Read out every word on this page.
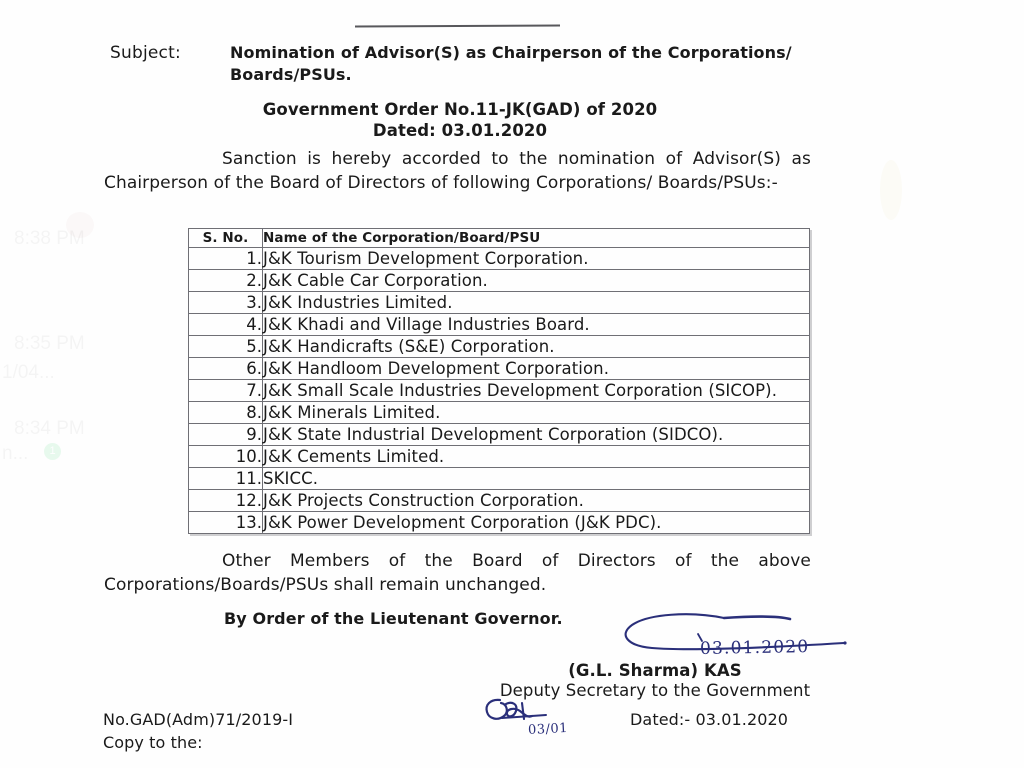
1
Subject:	Nomination of Advisor(S) as Chairperson of the Corporations/ Boards/PSUs.
Government Order No.11-JK(GAD) of 2020
Dated: 03.01.2020
Sanction is hereby accorded to the nomination of Advisor(S) as Chairperson of the Board of Directors of following Corporations/ Boards/PSUs:-
S. No.	Name of the Corporation/Board/PSU
1.	J&K Tourism Development Corporation.
2.	J&K Cable Car Corporation.
3.	J&K Industries Limited.
4.	J&K Khadi and Village Industries Board.
5.	J&K Handicrafts (S&E) Corporation.
6.	J&K Handloom Development Corporation.
7.	J&K Small Scale Industries Development Corporation (SICOP).
8.	J&K Minerals Limited.
9.	J&K State Industrial Development Corporation (SIDCO).
10.	J&K Cements Limited.
11.	SKICC.
12.	J&K Projects Construction Corporation.
13.	J&K Power Development Corporation (J&K PDC).
Other Members of the Board of Directors of the above Corporations/Boards/PSUs shall remain unchanged.
By Order of the Lieutenant Governor.
03.01.2020
(G.L. Sharma) KAS
Deputy Secretary to the Government
03/01
No.GAD(Adm)71/2019-I
Copy to the:
Dated:- 03.01.2020
